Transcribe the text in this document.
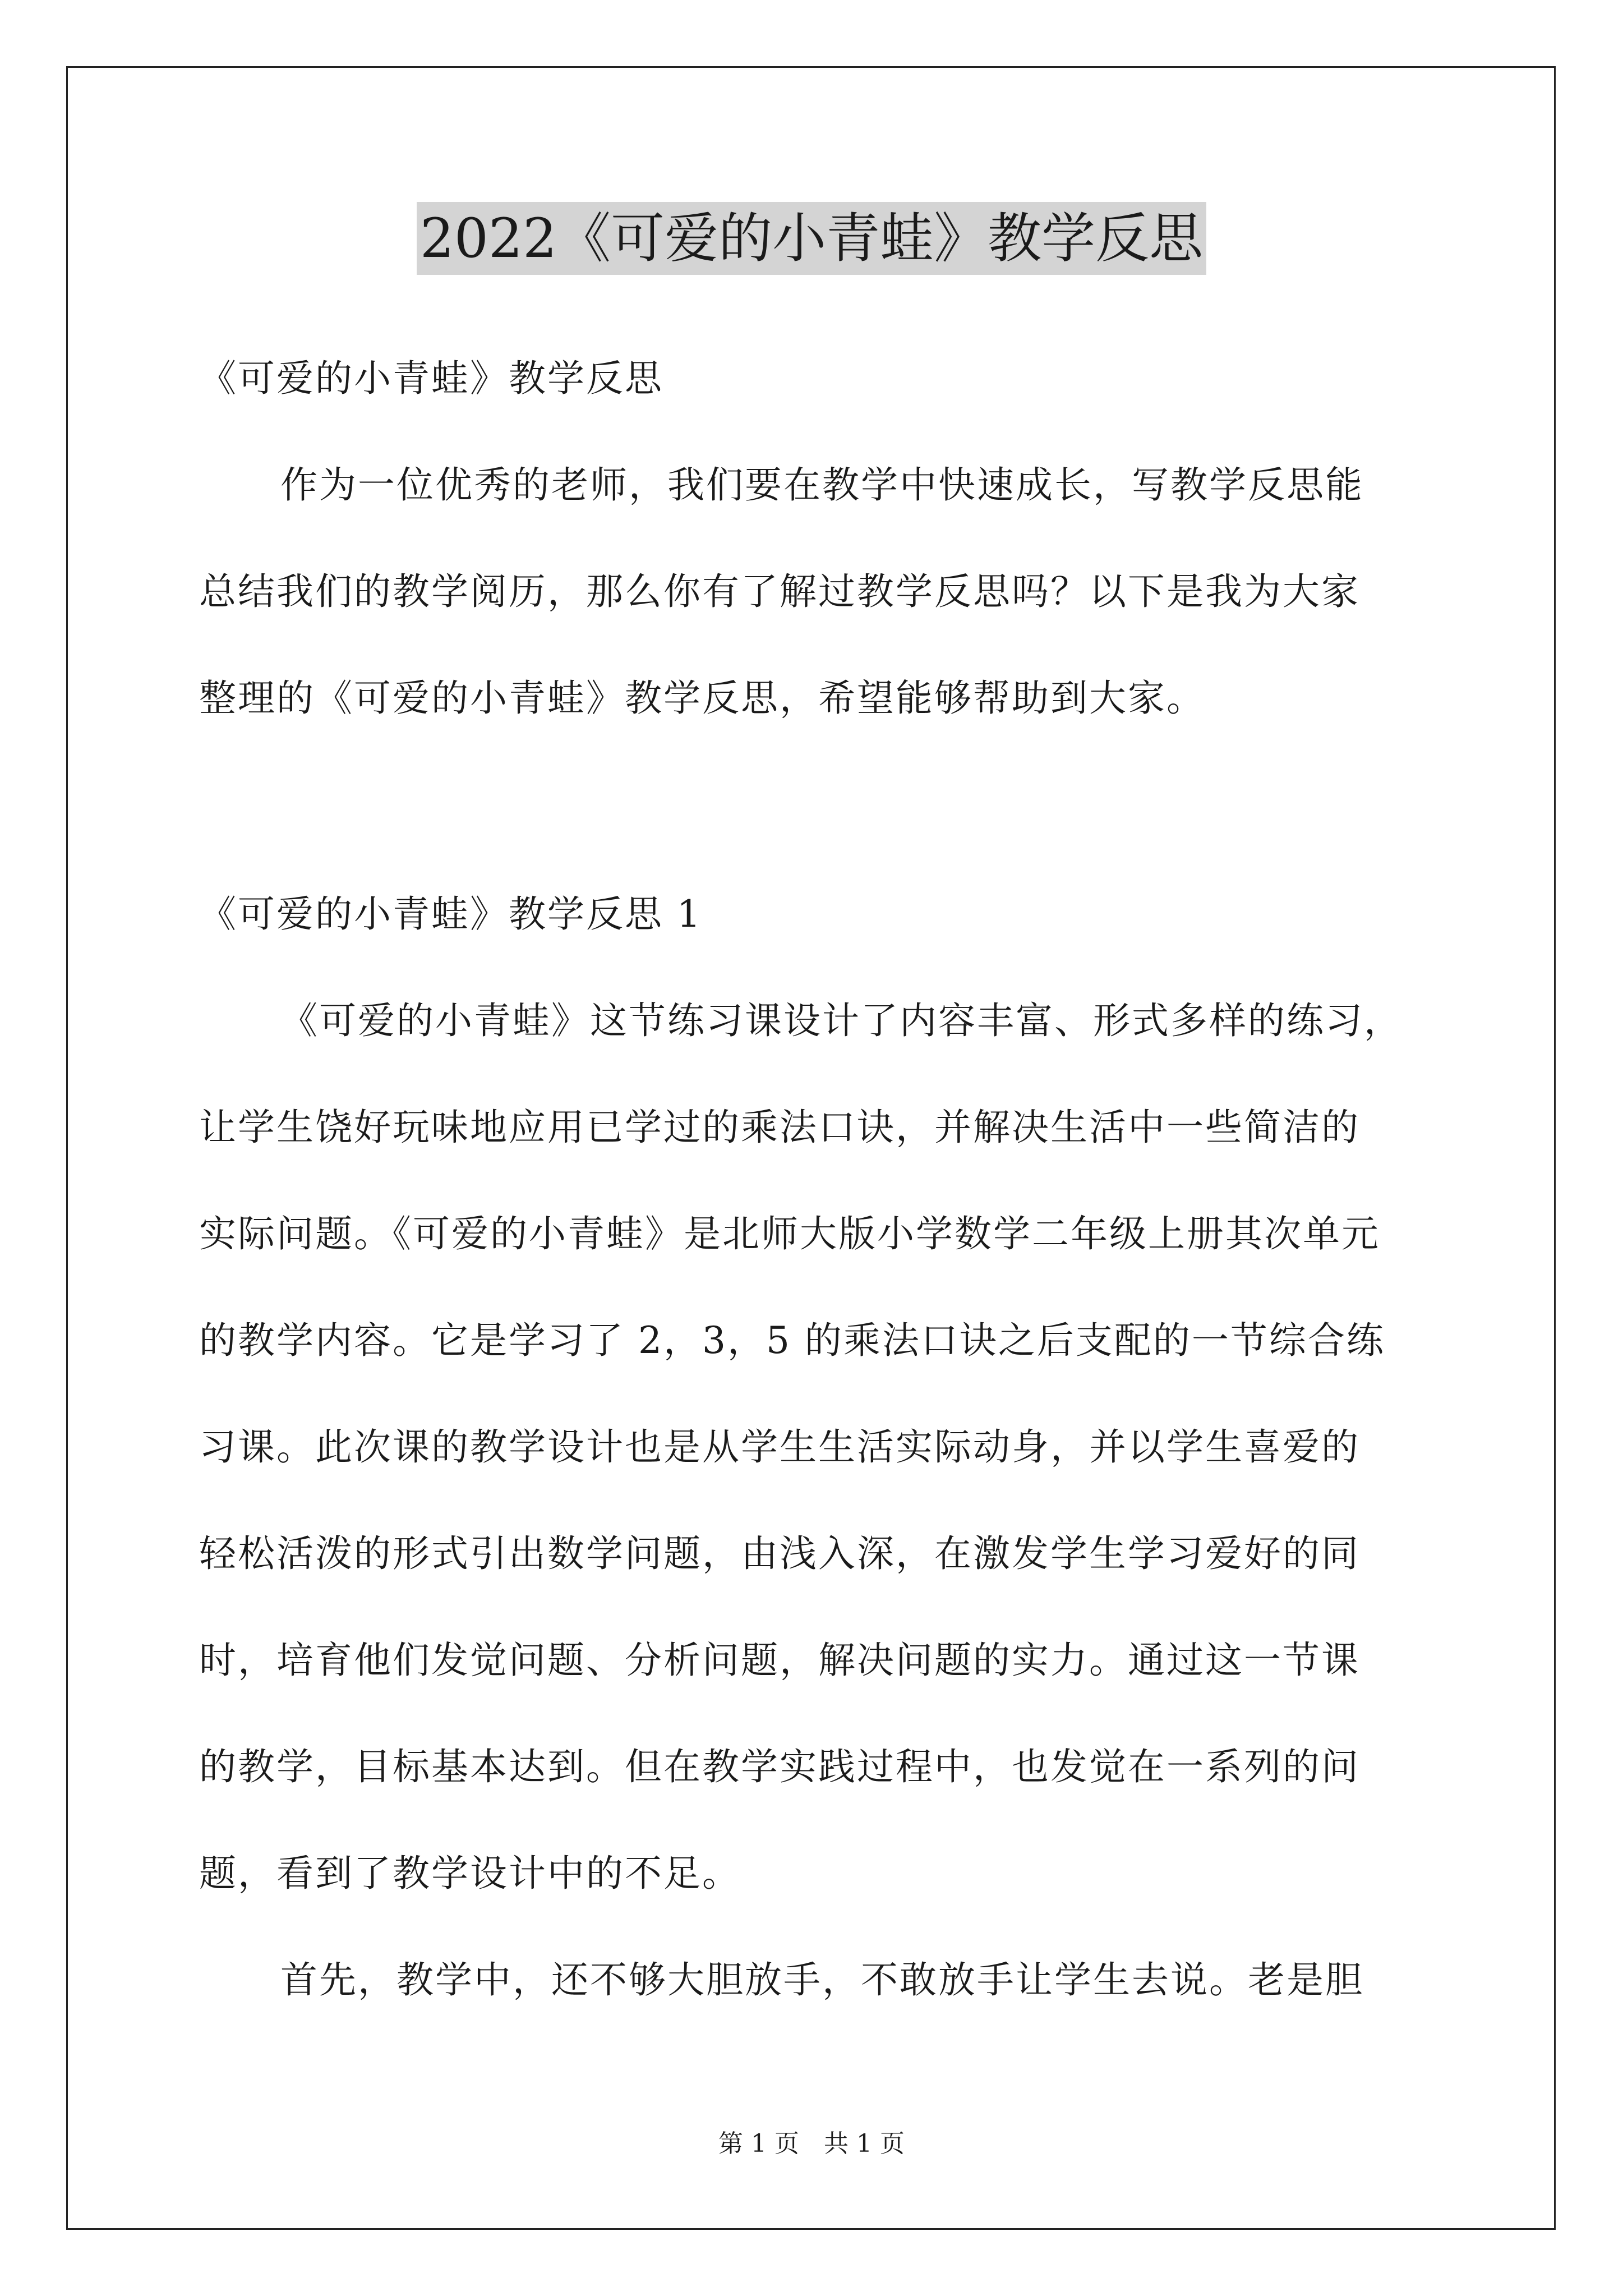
2022《可爱的小青蛙》教学反思
《可爱的小青蛙》教学反思
作为一位优秀的老师，我们要在教学中快速成长，写教学反思能
总结我们的教学阅历，那么你有了解过教学反思吗？以下是我为大家
整理的《可爱的小青蛙》教学反思，希望能够帮助到大家。
《可爱的小青蛙》教学反思 1
《可爱的小青蛙》这节练习课设计了内容丰富、形式多样的练习，
让学生饶好玩味地应用已学过的乘法口诀，并解决生活中一些简洁的
实际问题。《可爱的小青蛙》是北师大版小学数学二年级上册其次单元
的教学内容。它是学习了 2，3，5 的乘法口诀之后支配的一节综合练
习课。此次课的教学设计也是从学生生活实际动身，并以学生喜爱的
轻松活泼的形式引出数学问题，由浅入深，在激发学生学习爱好的同
时，培育他们发觉问题、分析问题，解决问题的实力。通过这一节课
的教学，目标基本达到。但在教学实践过程中，也发觉在一系列的问
题，看到了教学设计中的不足。
首先，教学中，还不够大胆放手，不敢放手让学生去说。老是胆
第 1 页　共 1 页
